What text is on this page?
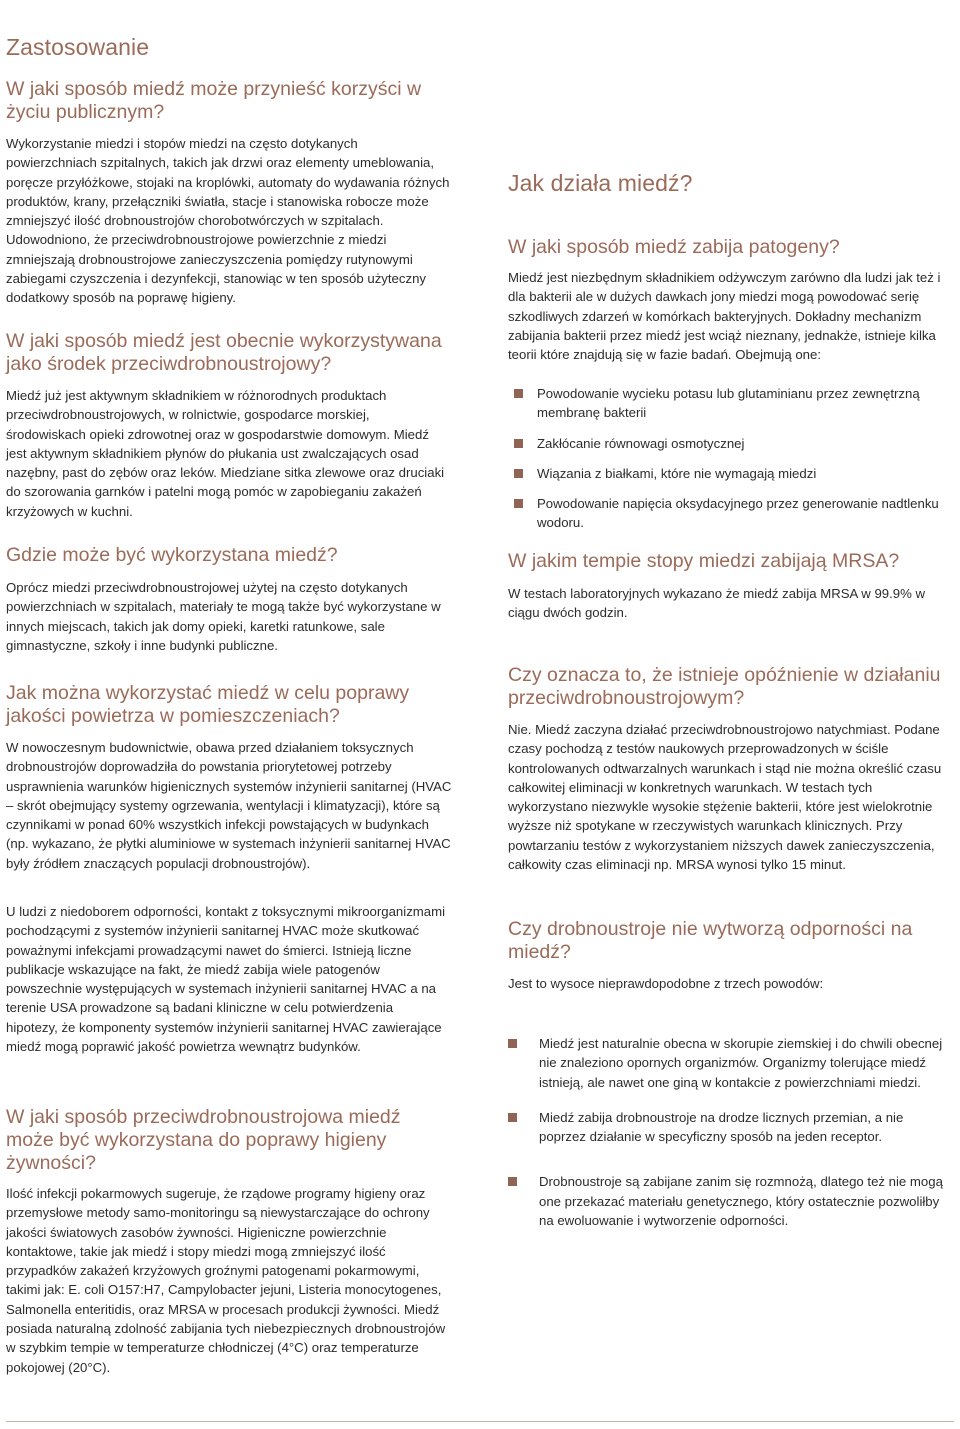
Zastosowanie
W jaki sposób miedź może przynieść korzyści w życiu publicznym?

Wykorzystanie miedzi i stopów miedzi na często dotykanych powierzchniach szpitalnych, takich jak drzwi oraz elementy umeblowania, poręcze przyłóżkowe, stojaki na kroplówki, automaty do wydawania różnych produktów, krany, przełączniki światła, stacje i stanowiska robocze może zmniejszyć ilość drobnoustrojów chorobotwórczych w szpitalach. Udowodniono, że przeciwdrobnoustrojowe powierzchnie z miedzi zmniejszają drobnoustrojowe zanieczyszczenia pomiędzy rutynowymi zabiegami czyszczenia i dezynfekcji, stanowiąc w ten sposób użyteczny dodatkowy sposób na poprawę higieny.

W jaki sposób miedź jest obecnie wykorzystywana jako środek przeciwdrobnoustrojowy?

Miedź już jest aktywnym składnikiem w różnorodnych produktach przeciwdrobnoustrojowych, w rolnictwie, gospodarce morskiej, środowiskach opieki zdrowotnej oraz w gospodarstwie domowym. Miedź jest aktywnym składnikiem płynów do płukania ust zwalczających osad nazębny, past do zębów oraz leków. Miedziane sitka zlewowe oraz druciaki do szorowania garnków i patelni mogą pomóc w zapobieganiu zakażeń krzyżowych w kuchni.

Gdzie może być wykorzystana miedź?

Oprócz miedzi przeciwdrobnoustrojowej użytej na często dotykanych powierzchniach w szpitalach, materiały te mogą także być wykorzystane w innych miejscach, takich jak domy opieki, karetki ratunkowe, sale gimnastyczne, szkoły i inne budynki publiczne.

Jak można wykorzystać miedź w celu poprawy jakości powietrza w pomieszczeniach?

W nowoczesnym budownictwie, obawa przed działaniem toksycznych drobnoustrojów doprowadziła do powstania priorytetowej potrzeby usprawnienia warunków higienicznych systemów inżynierii sanitarnej (HVAC – skrót obejmujący systemy ogrzewania, wentylacji i klimatyzacji), które są czynnikami w ponad 60% wszystkich infekcji powstających w budynkach (np. wykazano, że płytki aluminiowe w systemach inżynierii sanitarnej HVAC były źródłem znaczących populacji drobnoustrojów).

U ludzi z niedoborem odporności, kontakt z toksycznymi mikroorganizmami pochodzącymi z systemów inżynierii sanitarnej HVAC może skutkować poważnymi infekcjami prowadzącymi nawet do śmierci. Istnieją liczne publikacje wskazujące na fakt, że miedź zabija wiele patogenów powszechnie występujących w systemach inżynierii sanitarnej HVAC a na terenie USA prowadzone są badani kliniczne w celu potwierdzenia hipotezy, że komponenty systemów inżynierii sanitarnej HVAC zawierające miedź mogą poprawić jakość powietrza wewnątrz budynków.

W jaki sposób przeciwdrobnoustrojowa miedź może być wykorzystana do poprawy higieny żywności?

Ilość infekcji pokarmowych sugeruje, że rządowe programy higieny oraz przemysłowe metody samo-monitoringu są niewystarczające do ochrony jakości światowych zasobów żywności. Higieniczne powierzchnie kontaktowe, takie jak miedź i stopy miedzi mogą zmniejszyć ilość przypadków zakażeń krzyżowych groźnymi patogenami pokarmowymi, takimi jak: E. coli O157:H7, Campylobacter jejuni, Listeria monocytogenes, Salmonella enteritidis, oraz MRSA w procesach produkcji żywności. Miedź posiada naturalną zdolność zabijania tych niebezpiecznych drobnoustrojów w szybkim tempie w temperaturze chłodniczej (4°C) oraz temperaturze pokojowej (20°C).

Jak działa miedź?
W jaki sposób miedź zabija patogeny?

Miedź jest niezbędnym składnikiem odżywczym zarówno dla ludzi jak też i dla bakterii ale w dużych dawkach jony miedzi mogą powodować serię szkodliwych zdarzeń w komórkach bakteryjnych. Dokładny mechanizm zabijania bakterii przez miedź jest wciąż nieznany, jednakże, istnieje kilka teorii które znajdują się w fazie badań. Obejmują one:

Powodowanie wycieku potasu lub glutaminianu przez zewnętrzną membranę bakterii
Zakłócanie równowagi osmotycznej
Wiązania z białkami, które nie wymagają miedzi
Powodowanie napięcia oksydacyjnego przez generowanie nadtlenku wodoru.
W jakim tempie stopy miedzi zabijają MRSA?

W testach laboratoryjnych wykazano że miedź zabija MRSA w 99.9% w ciągu dwóch godzin.

Czy oznacza to, że istnieje opóźnienie w działaniu przeciwdrobnoustrojowym?

Nie. Miedź zaczyna działać przeciwdrobnoustrojowo natychmiast. Podane czasy pochodzą z testów naukowych przeprowadzonych w ściśle kontrolowanych odtwarzalnych warunkach i stąd nie można określić czasu całkowitej eliminacji w konkretnych warunkach. W testach tych wykorzystano niezwykle wysokie stężenie bakterii, które jest wielokrotnie wyższe niż spotykane w rzeczywistych warunkach klinicznych. Przy powtarzaniu testów z wykorzystaniem niższych dawek zanieczyszczenia, całkowity czas eliminacji np. MRSA wynosi tylko 15 minut.

Czy drobnoustroje nie wytworzą odporności na miedź?

Jest to wysoce nieprawdopodobne z trzech powodów:

Miedź jest naturalnie obecna w skorupie ziemskiej i do chwili obecnej nie znaleziono opornych organizmów. Organizmy tolerujące miedź istnieją, ale nawet one giną w kontakcie z powierzchniami miedzi.
Miedź zabija drobnoustroje na drodze licznych przemian, a nie poprzez działanie w specyficzny sposób na jeden receptor.
Drobnoustroje są zabijane zanim się rozmnożą, dlatego też nie mogą one przekazać materiału genetycznego, który ostatecznie pozwoliłby na ewoluowanie i wytworzenie odporności.
